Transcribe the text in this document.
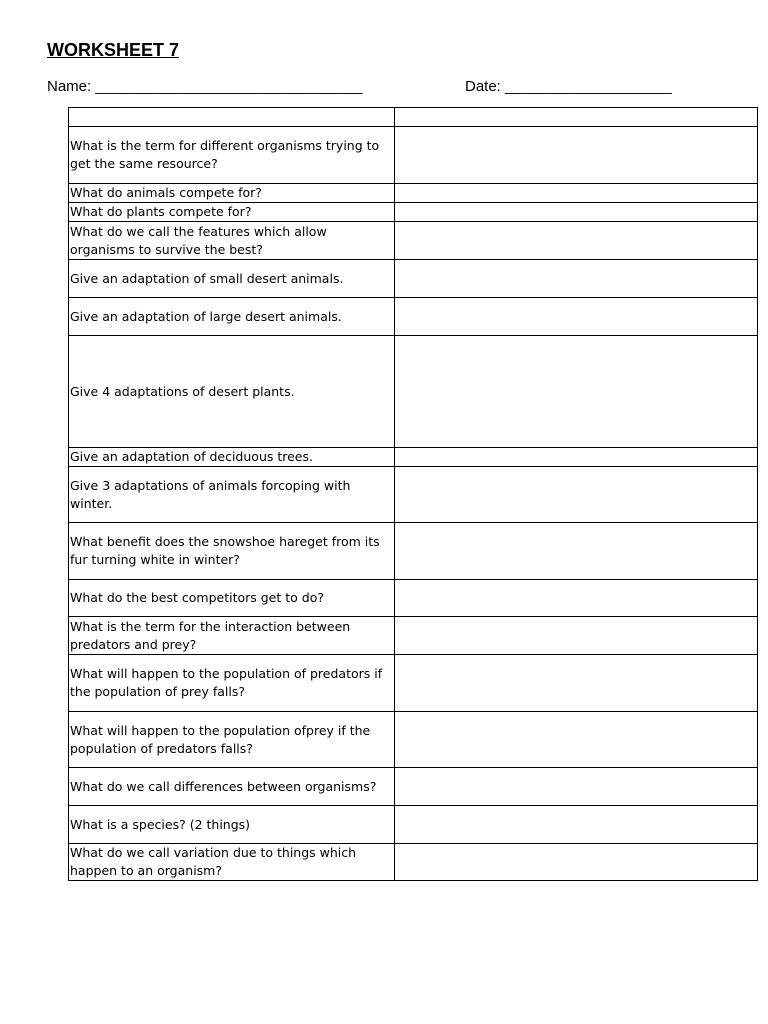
WORKSHEET 7
Name: ________________________________	Date: ____________________

What is the term for different organisms trying to get the same resource?	
What do animals compete for?	
What do plants compete for?	
What do we call the features which allow organisms to survive the best?	
Give an adaptation of small desert animals.	
Give an adaptation of large desert animals.	
Give 4 adaptations of desert plants.	
Give an adaptation of deciduous trees.	
Give 3 adaptations of animals forcoping with winter.	
What benefit does the snowshoe hareget from its fur turning white in winter?	
What do the best competitors get to do?	
What is the term for the interaction between predators and prey?	
What will happen to the population of predators if the population of prey falls?	
What will happen to the population ofprey if the population of predators falls?	
What do we call differences between organisms?	
What is a species? (2 things)	
What do we call variation due to things which happen to an organism?	
